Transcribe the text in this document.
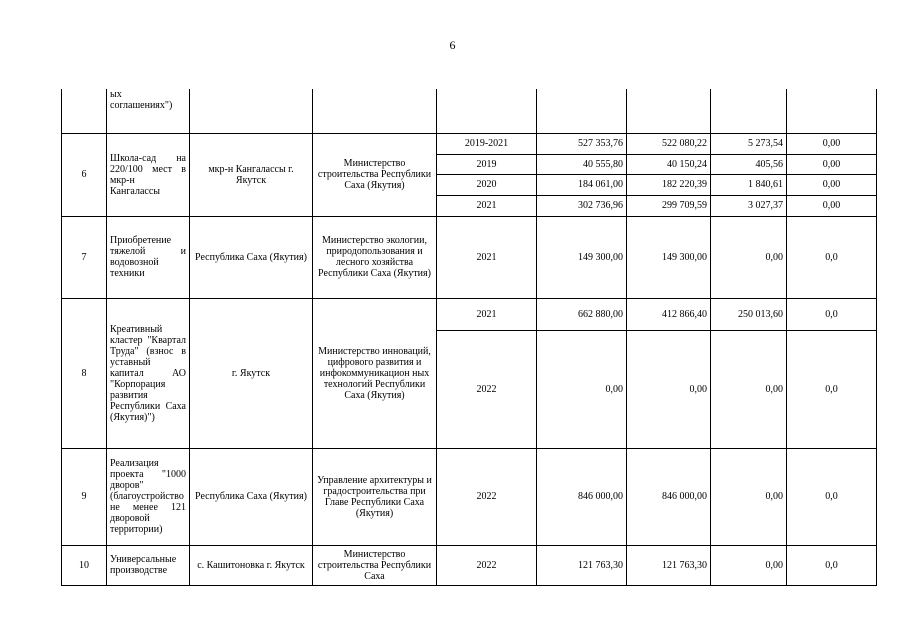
6
	ых соглашениях")							
6	Школа-сад на 220/100 мест в мкр-н Кангалассы	мкр-н Кангалассы г. Якутск	Министерство строительства Республики Саха (Якутия)	2019-2021	527 353,76	522 080,22	5 273,54	0,00
				2019	40 555,80	40 150,24	405,56	0,00
				2020	184 061,00	182 220,39	1 840,61	0,00
				2021	302 736,96	299 709,59	3 027,37	0,00
7	Приобретение тяжелой и водовозной техники	Республика Саха (Якутия)	Министерство экологии, природопользования и лесного хозяйства Республики Саха (Якутия)	2021	149 300,00	149 300,00	0,00	0,0
8	Креативный кластер "Квартал Труда" (взнос в уставный капитал АО "Корпорация развития Республики Саха (Якутия)")	г. Якутск	Министерство инноваций, цифрового развития и инфокоммуникацион ных технологий Республики Саха (Якутия)	2021	662 880,00	412 866,40	250 013,60	0,0
				2022	0,00	0,00	0,00	0,0
9	Реализация проекта "1000 дворов" (благоустройство не менее 121 дворовой территории)	Республика Саха (Якутия)	Управление архитектуры и градостроительства при Главе Республики Саха (Якутия)	2022	846 000,00	846 000,00	0,00	0,0
10	Универсальные производстве	с. Кашитоновка г. Якутск	Министерство строительства Республики Саха	2022	121 763,30	121 763,30	0,00	0,0
